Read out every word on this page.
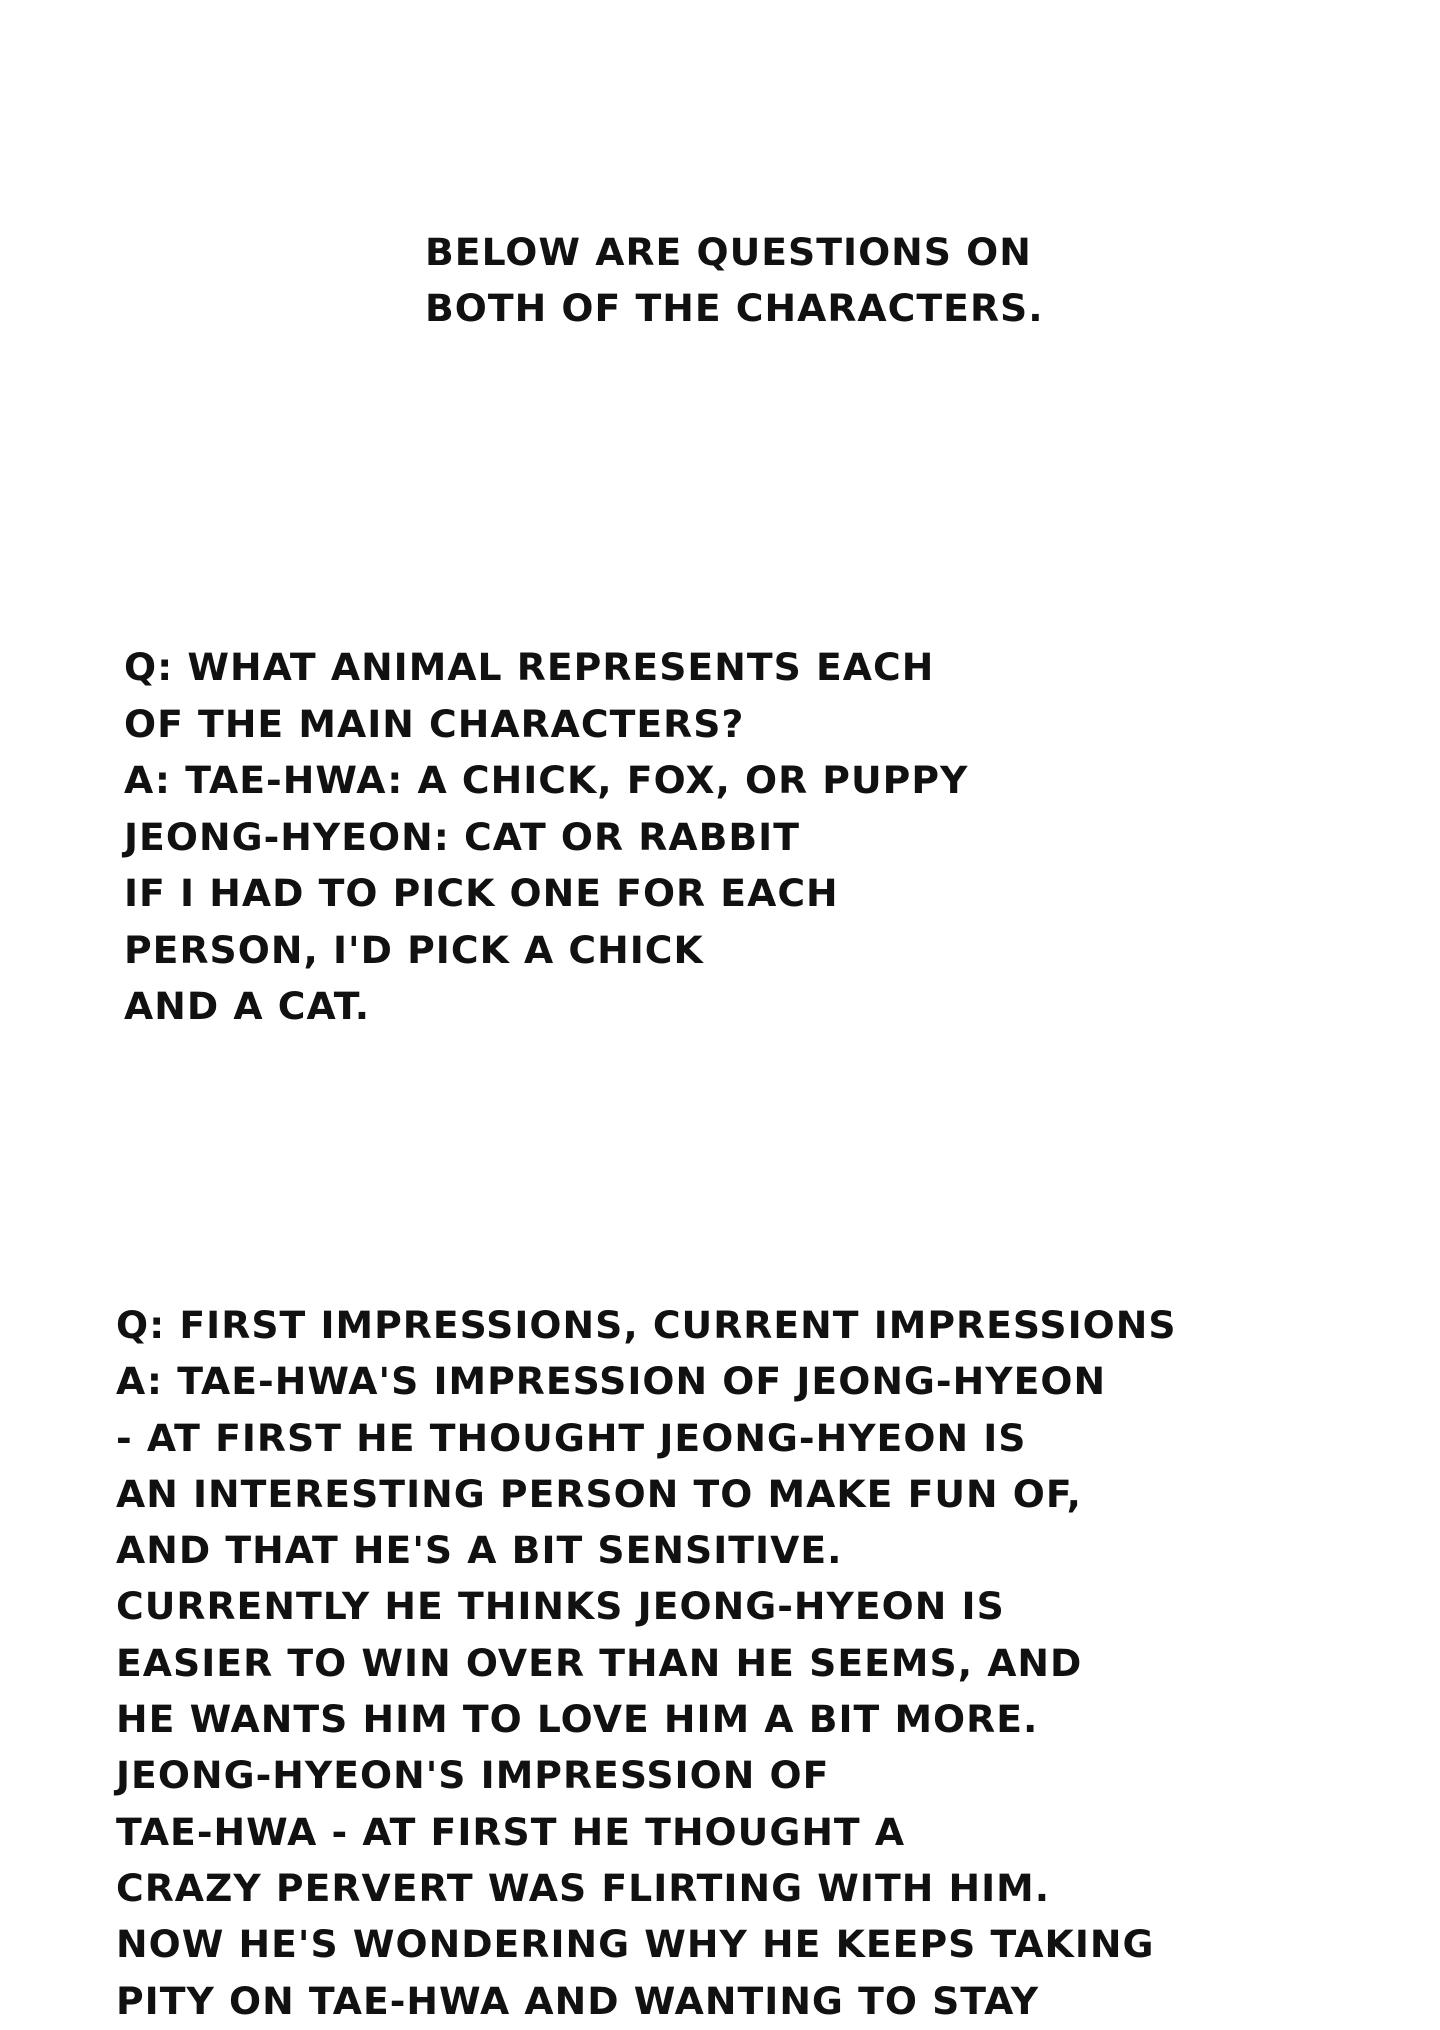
BELOW ARE QUESTIONS ON
BOTH OF THE CHARACTERS.
Q: WHAT ANIMAL REPRESENTS EACH
OF THE MAIN CHARACTERS?
A: TAE-HWA: A CHICK, FOX, OR PUPPY
JEONG-HYEON: CAT OR RABBIT
IF I HAD TO PICK ONE FOR EACH
PERSON, I'D PICK A CHICK
AND A CAT.
Q: FIRST IMPRESSIONS, CURRENT IMPRESSIONS
A: TAE-HWA'S IMPRESSION OF JEONG-HYEON
- AT FIRST HE THOUGHT JEONG-HYEON IS
AN INTERESTING PERSON TO MAKE FUN OF,
AND THAT HE'S A BIT SENSITIVE.
CURRENTLY HE THINKS JEONG-HYEON IS
EASIER TO WIN OVER THAN HE SEEMS, AND
HE WANTS HIM TO LOVE HIM A BIT MORE.
JEONG-HYEON'S IMPRESSION OF
TAE-HWA - AT FIRST HE THOUGHT A
CRAZY PERVERT WAS FLIRTING WITH HIM.
NOW HE'S WONDERING WHY HE KEEPS TAKING
PITY ON TAE-HWA AND WANTING TO STAY
